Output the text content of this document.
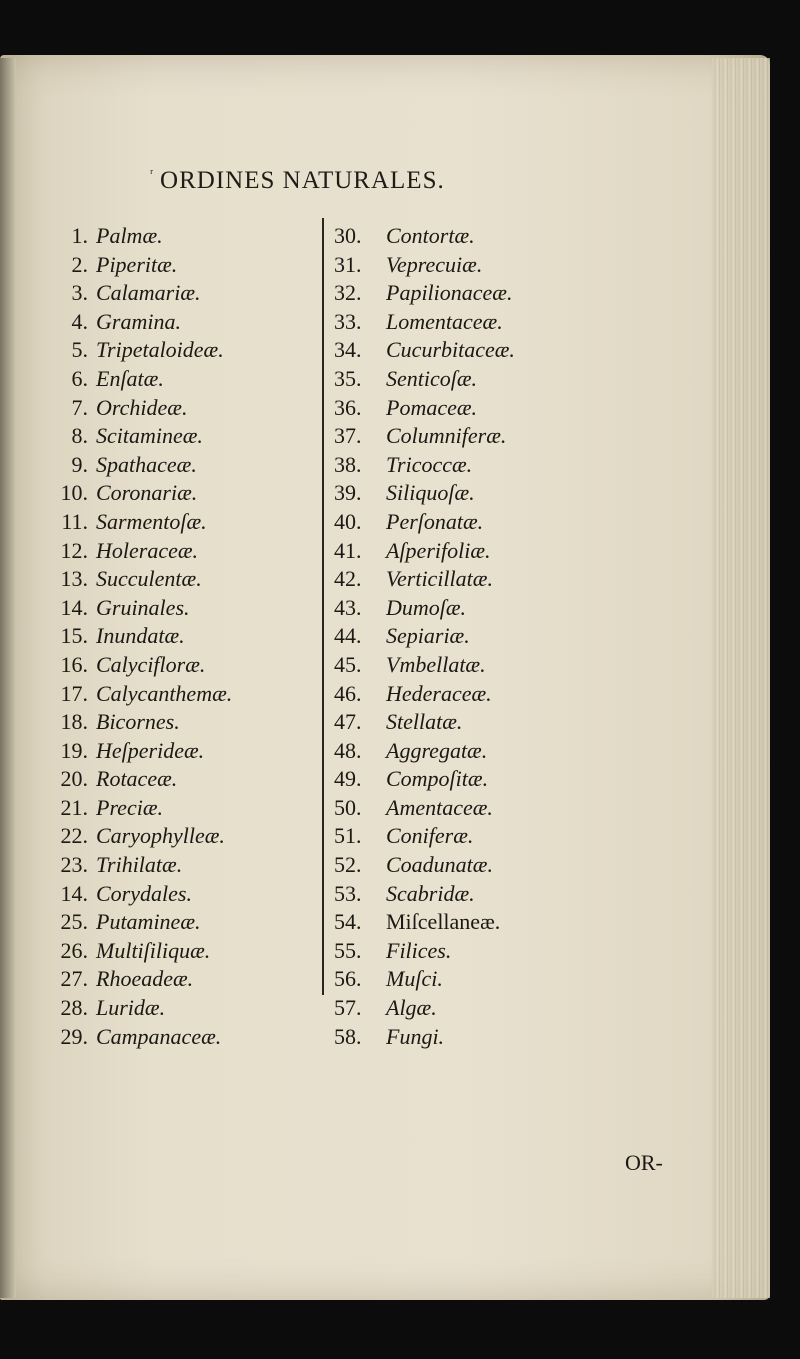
$^ʳ$ ORDINES NATURALES.
1. Palmæ.
2. Piperitæ.
3. Calamariæ.
4. Gramina.
5. Tripetaloideæ.
6. Enſatæ.
7. Orchideæ.
8. Scitamineæ.
9. Spathaceæ.
10. Coronariæ.
11. Sarmentoſæ.
12. Holeraceæ.
13. Succulentæ.
14. Gruinales.
15. Inundatæ.
16. Calycifloræ.
17. Calycanthemæ.
18. Bicornes.
19. Heſperideæ.
20. Rotaceæ.
21. Preciæ.
22. Caryophylleæ.
23. Trihilatæ.
14. Corydales.
25. Putamineæ.
26. Multiſiliquæ.
27. Rhoeadeæ.
28. Luridæ.
29. Campanaceæ.
30. Contortæ.
31. Veprecuiæ.
32. Papilionaceæ.
33. Lomentaceæ.
34. Cucurbitaceæ.
35. Senticoſæ.
36. Pomaceæ.
37. Columniferæ.
38. Tricoccæ.
39. Siliquoſæ.
40. Perſonatæ.
41. Aſperifoliæ.
42. Verticillatæ.
43. Dumoſæ.
44. Sepiariæ.
45. Vmbellatæ.
46. Hederaceæ.
47. Stellatæ.
48. Aggregatæ.
49. Compoſitæ.
50. Amentaceæ.
51. Coniferæ.
52. Coadunatæ.
53. Scabridæ.
54. Miſcellaneæ.
55. Filices.
56. Muſci.
57. Algæ.
58. Fungi.
OR-
